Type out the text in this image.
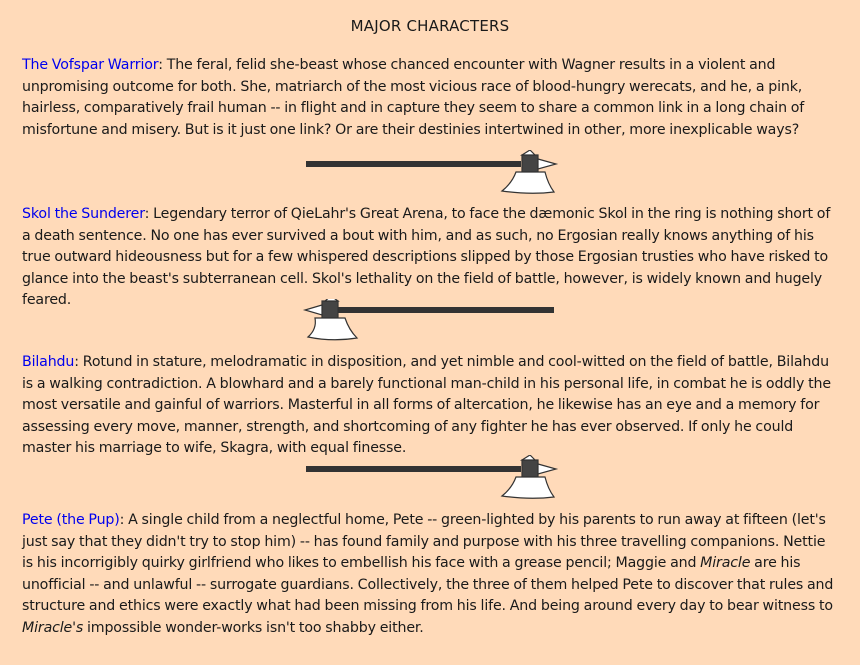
MAJOR CHARACTERS
The Vofspar Warrior: The feral, felid she-beast whose chanced encounter with Wagner results in a violent and unpromising outcome for both. She, matriarch of the most vicious race of blood-hungry werecats, and he, a pink, hairless, comparatively frail human -- in flight and in capture they seem to share a common link in a long chain of misfortune and misery. But is it just one link? Or are their destinies intertwined in other, more inexplicable ways?
Skol the Sunderer: Legendary terror of QieLahr's Great Arena, to face the dæmonic Skol in the ring is nothing short of a death sentence. No one has ever survived a bout with him, and as such, no Ergosian really knows anything of his true outward hideousness but for a few whispered descriptions slipped by those Ergosian trusties who have risked to glance into the beast's subterranean cell. Skol's lethality on the field of battle, however, is widely known and hugely feared.
Bilahdu: Rotund in stature, melodramatic in disposition, and yet nimble and cool-witted on the field of battle, Bilahdu is a walking contradiction. A blowhard and a barely functional man-child in his personal life, in combat he is oddly the most versatile and gainful of warriors. Masterful in all forms of altercation, he likewise has an eye and a memory for assessing every move, manner, strength, and shortcoming of any fighter he has ever observed. If only he could master his marriage to wife, Skagra, with equal finesse.
Pete (the Pup): A single child from a neglectful home, Pete -- green-lighted by his parents to run away at fifteen (let's just say that they didn't try to stop him) -- has found family and purpose with his three travelling companions. Nettie is his incorrigibly quirky girlfriend who likes to embellish his face with a grease pencil; Maggie and Miracle are his unofficial -- and unlawful -- surrogate guardians. Collectively, the three of them helped Pete to discover that rules and structure and ethics were exactly what had been missing from his life. And being around every day to bear witness to Miracle's impossible wonder-works isn't too shabby either.
